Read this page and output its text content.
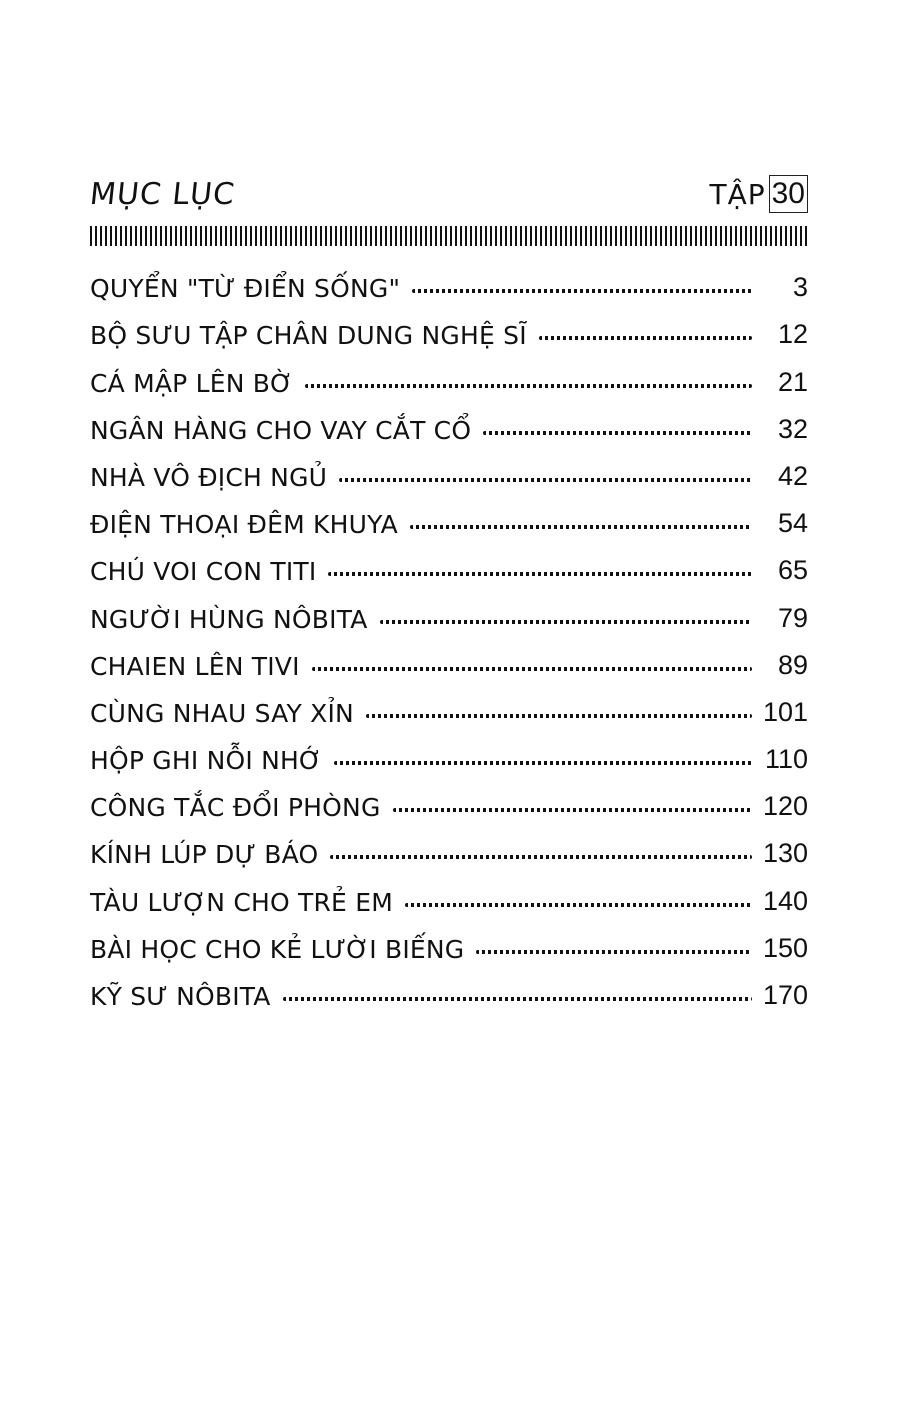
MỤC LỤC	TẬP 30
QUYỂN "TỪ ĐIỂN SỐNG"	3
BỘ SƯU TẬP CHÂN DUNG NGHỆ SĨ	12
CÁ MẬP LÊN BỜ	21
NGÂN HÀNG CHO VAY CẮT CỔ	32
NHÀ VÔ ĐỊCH NGỦ	42
ĐIỆN THOẠI ĐÊM KHUYA	54
CHÚ VOI CON TITI	65
NGƯỜI HÙNG NÔBITA	79
CHAIEN LÊN TIVI	89
CÙNG NHAU SAY XỈN	101
HỘP GHI NỖI NHỚ	110
CÔNG TẮC ĐỔI PHÒNG	120
KÍNH LÚP DỰ BÁO	130
TÀU LƯỢN CHO TRẺ EM	140
BÀI HỌC CHO KẺ LƯỜI BIẾNG	150
KỸ SƯ NÔBITA	170
